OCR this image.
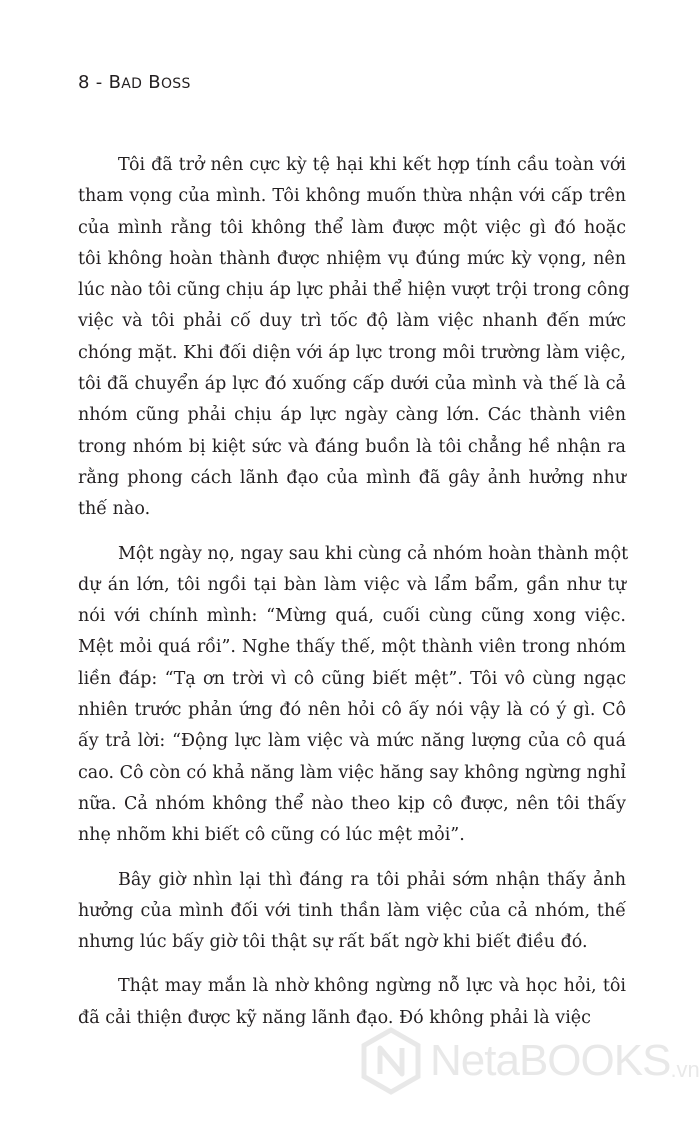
8 - BAD BOSS
Tôi đã trở nên cực kỳ tệ hại khi kết hợp tính cầu toàn với
tham vọng của mình. Tôi không muốn thừa nhận với cấp trên
của mình rằng tôi không thể làm được một việc gì đó hoặc
tôi không hoàn thành được nhiệm vụ đúng mức kỳ vọng, nên
lúc nào tôi cũng chịu áp lực phải thể hiện vượt trội trong công
việc và tôi phải cố duy trì tốc độ làm việc nhanh đến mức
chóng mặt. Khi đối diện với áp lực trong môi trường làm việc,
tôi đã chuyển áp lực đó xuống cấp dưới của mình và thế là cả
nhóm cũng phải chịu áp lực ngày càng lớn. Các thành viên
trong nhóm bị kiệt sức và đáng buồn là tôi chẳng hề nhận ra
rằng phong cách lãnh đạo của mình đã gây ảnh hưởng như
thế nào.
Một ngày nọ, ngay sau khi cùng cả nhóm hoàn thành một
dự án lớn, tôi ngồi tại bàn làm việc và lẩm bẩm, gần như tự
nói với chính mình: “Mừng quá, cuối cùng cũng xong việc.
Mệt mỏi quá rồi”. Nghe thấy thế, một thành viên trong nhóm
liền đáp: “Tạ ơn trời vì cô cũng biết mệt”. Tôi vô cùng ngạc
nhiên trước phản ứng đó nên hỏi cô ấy nói vậy là có ý gì. Cô
ấy trả lời: “Động lực làm việc và mức năng lượng của cô quá
cao. Cô còn có khả năng làm việc hăng say không ngừng nghỉ
nữa. Cả nhóm không thể nào theo kịp cô được, nên tôi thấy
nhẹ nhõm khi biết cô cũng có lúc mệt mỏi”.
Bây giờ nhìn lại thì đáng ra tôi phải sớm nhận thấy ảnh
hưởng của mình đối với tinh thần làm việc của cả nhóm, thế
nhưng lúc bấy giờ tôi thật sự rất bất ngờ khi biết điều đó.
Thật may mắn là nhờ không ngừng nỗ lực và học hỏi, tôi
đã cải thiện được kỹ năng lãnh đạo. Đó không phải là việc
NetaBOOKS .vn
